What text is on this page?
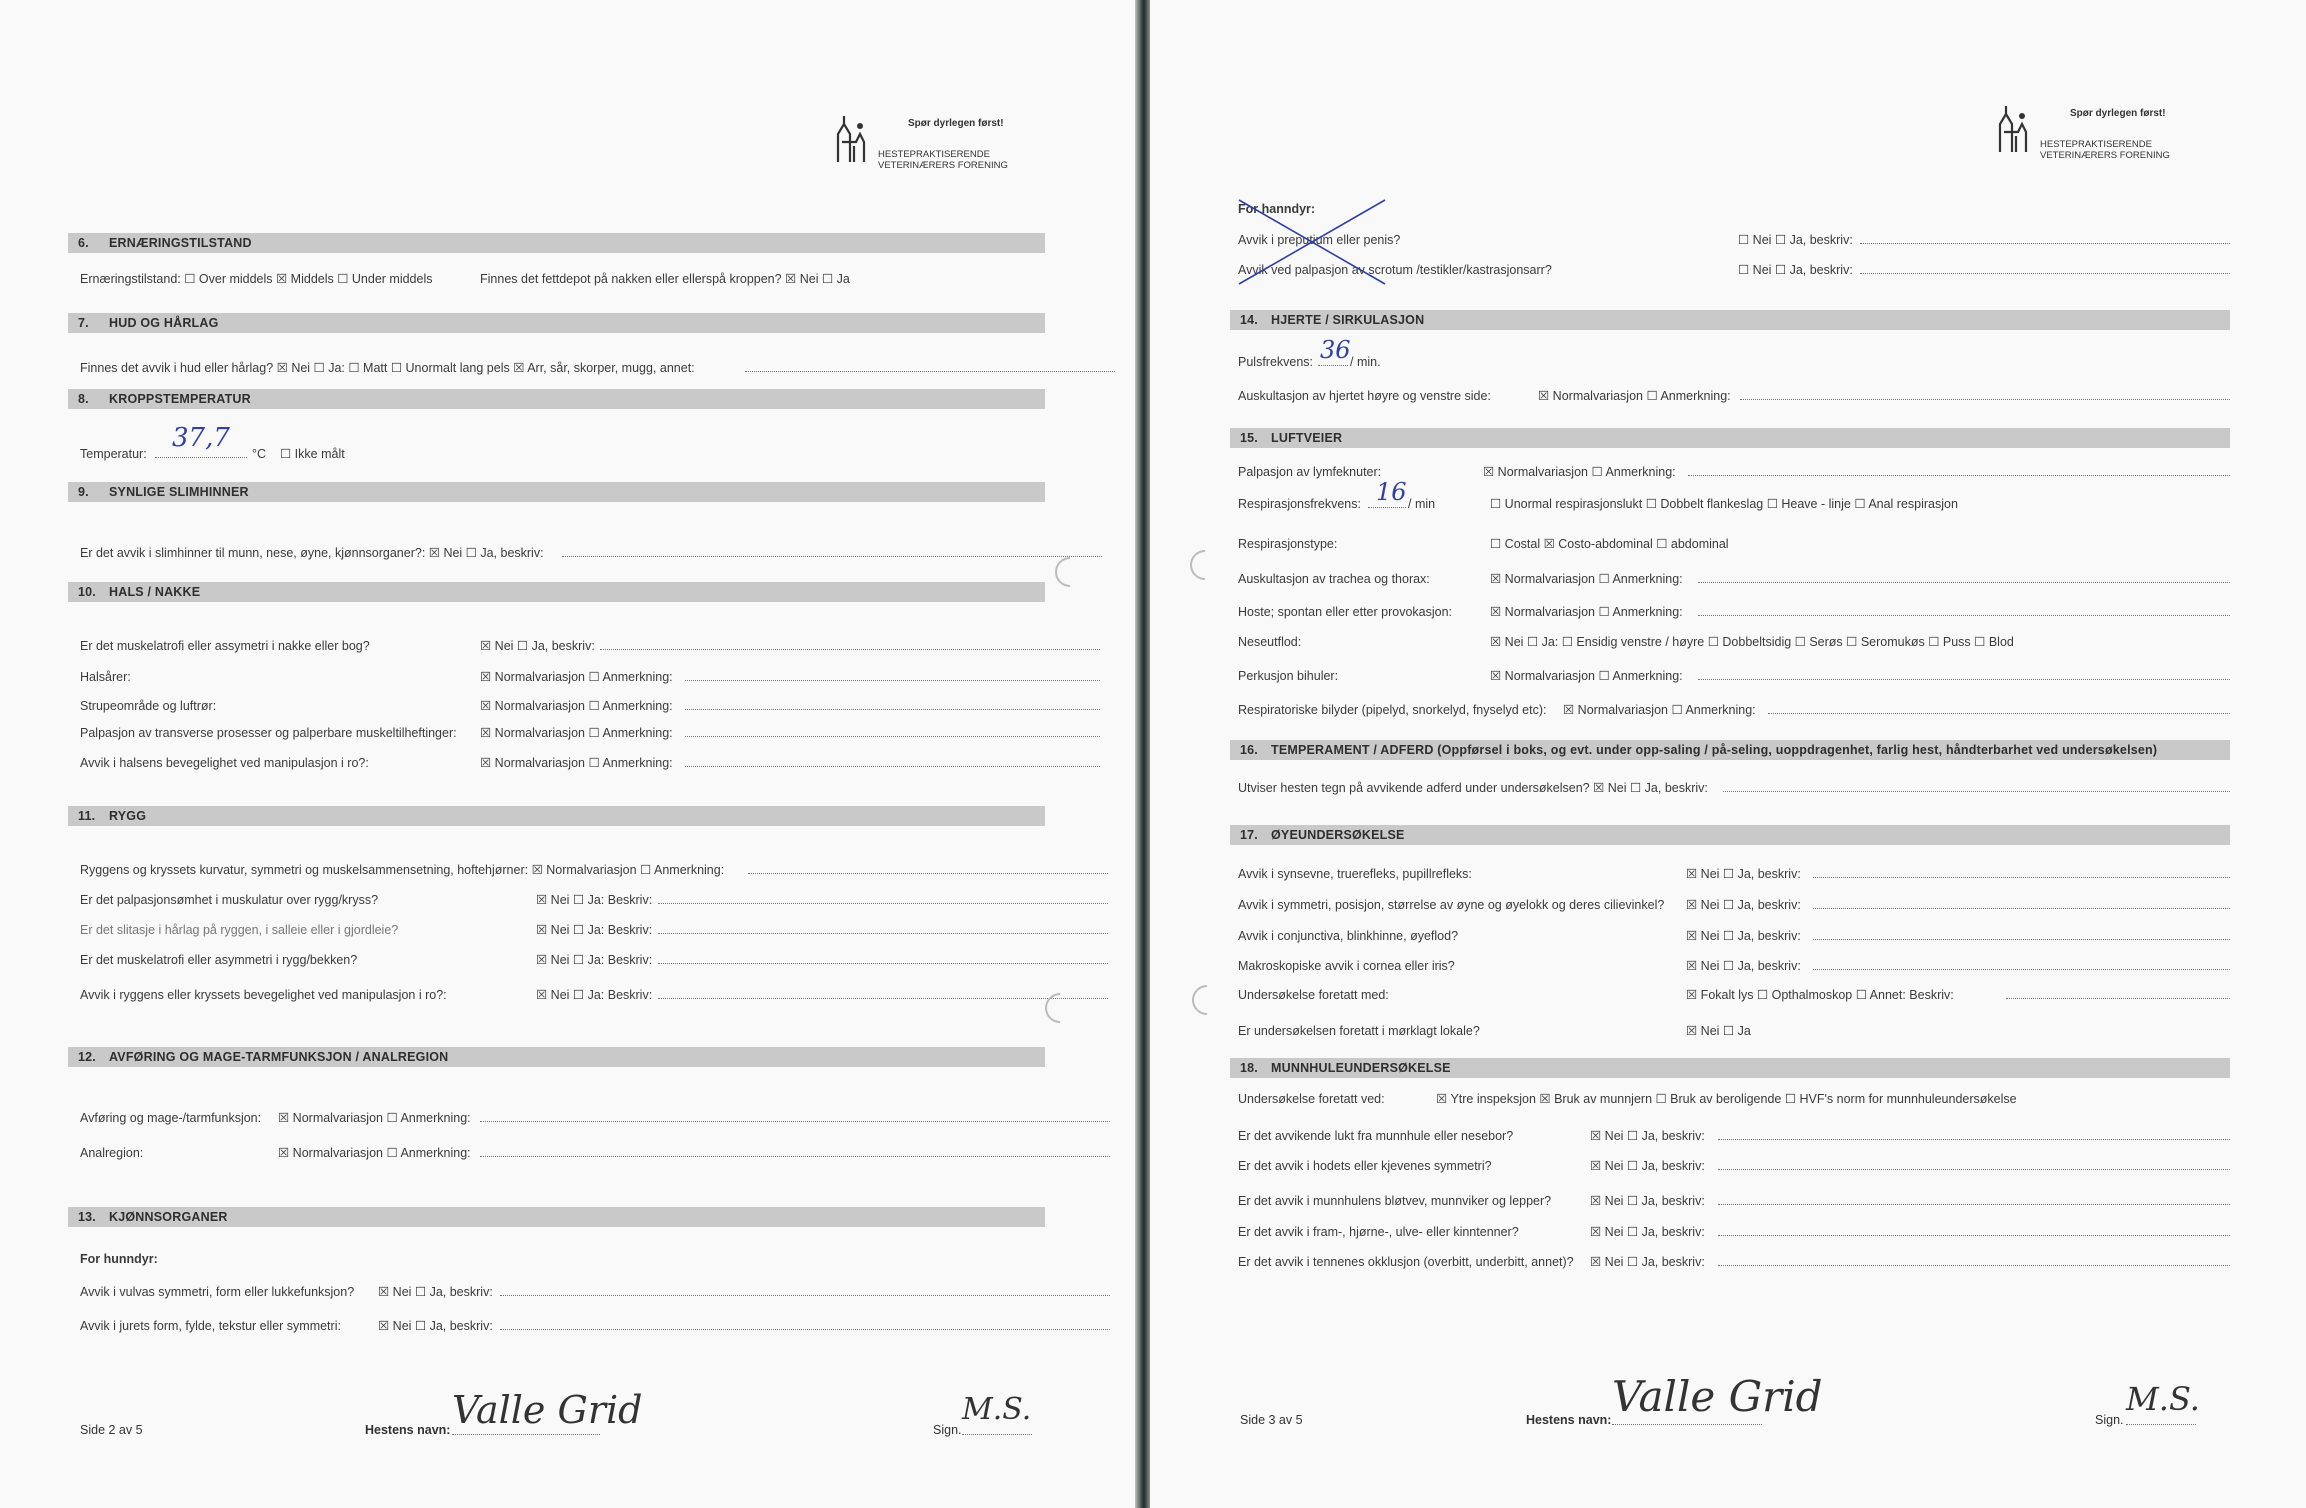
Spør dyrlegen først!
HESTEPRAKTISERENDE
VETERINÆRERS FORENING
6. ERNÆRINGSTILSTAND
Ernæringstilstand: ☐ Over middels ☒ Middels ☐ Under middels	Finnes det fettdepot på nakken eller ellerspå kroppen? ☒ Nei ☐ Ja
7. HUD OG HÅRLAG
Finnes det avvik i hud eller hårlag? ☒ Nei ☐ Ja: ☐ Matt ☐ Unormalt lang pels ☒ Arr, sår, skorper, mugg, annet:
8. KROPPSTEMPERATUR
Temperatur:
37,7
°C ☐ Ikke målt
9. SYNLIGE SLIMHINNER
Er det avvik i slimhinner til munn, nese, øyne, kjønnsorganer?: ☒ Nei ☐ Ja, beskriv:
10. HALS / NAKKE
Er det muskelatrofi eller assymetri i nakke eller bog?	☒ Nei ☐ Ja, beskriv:
Halsårer:	☒ Normalvariasjon ☐ Anmerkning:
Strupeområde og luftrør:	☒ Normalvariasjon ☐ Anmerkning:
Palpasjon av transverse prosesser og palperbare muskeltilheftinger: ☒ Normalvariasjon ☐ Anmerkning:
Avvik i halsens bevegelighet ved manipulasjon i ro?:	☒ Normalvariasjon ☐ Anmerkning:
11. RYGG
Ryggens og kryssets kurvatur, symmetri og muskelsammensetning, hoftehjørner: ☒ Normalvariasjon ☐ Anmerkning:
Er det palpasjonsømhet i muskulatur over rygg/kryss?	☒ Nei ☐ Ja: Beskriv:
Er det slitasje i hårlag på ryggen, i salleie eller i gjordleie?	☒ Nei ☐ Ja: Beskriv:
Er det muskelatrofi eller asymmetri i rygg/bekken?	☒ Nei ☐ Ja: Beskriv:
Avvik i ryggens eller kryssets bevegelighet ved manipulasjon i ro?:	☒ Nei ☐ Ja: Beskriv:
12. AVFØRING OG MAGE-TARMFUNKSJON / ANALREGION
Avføring og mage-/tarmfunksjon: ☒ Normalvariasjon ☐ Anmerkning:
Analregion:	☒ Normalvariasjon ☐ Anmerkning:
13. KJØNNSORGANER
For hunndyr:
Avvik i vulvas symmetri, form eller lukkefunksjon? ☒ Nei ☐ Ja, beskriv:
Avvik i jurets form, fylde, tekstur eller symmetri:	☒ Nei ☐ Ja, beskriv:
Side 2 av 5	Hestens navn: Valle Grid	Sign.
M.S.
Spør dyrlegen først!
HESTEPRAKTISERENDE
VETERINÆRERS FORENING
For hanndyr:
Avvik i preputium eller penis?	☐ Nei ☐ Ja, beskriv:
Avvik ved palpasjon av scrotum /testikler/kastrasjonsarr?	☐ Nei ☐ Ja, beskriv:
14. HJERTE / SIRKULASJON
Pulsfrekvens: 36 / min.
Auskultasjon av hjertet høyre og venstre side:	☒ Normalvariasjon ☐ Anmerkning:
15. LUFTVEIER
Palpasjon av lymfeknuter:	☒ Normalvariasjon ☐ Anmerkning:
Respirasjonsfrekvens: 16 / min	☐ Unormal respirasjonslukt ☐ Dobbelt flankeslag ☐ Heave - linje ☐ Anal respirasjon
Respirasjonstype:	☐ Costal ☒ Costo-abdominal ☐ abdominal
Auskultasjon av trachea og thorax:	☒ Normalvariasjon ☐ Anmerkning:
Hoste; spontan eller etter provokasjon:	☒ Normalvariasjon ☐ Anmerkning:
Neseutflod:	☒ Nei ☐ Ja: ☐ Ensidig venstre / høyre ☐ Dobbeltsidig ☐ Serøs ☐ Seromukøs ☐ Puss ☐ Blod
Perkusjon bihuler:	☒ Normalvariasjon ☐ Anmerkning:
Respiratoriske bilyder (pipelyd, snorkelyd, fnyselyd etc): ☒ Normalvariasjon ☐ Anmerkning:
16. TEMPERAMENT / ADFERD (Oppførsel i boks, og evt. under opp-saling / på-seling, uoppdragenhet, farlig hest, håndterbarhet ved undersøkelsen)
Utviser hesten tegn på avvikende adferd under undersøkelsen? ☒ Nei ☐ Ja, beskriv:
17. ØYEUNDERSØKELSE
Avvik i synsevne, truerefleks, pupillrefleks:	☒ Nei ☐ Ja, beskriv:
Avvik i symmetri, posisjon, størrelse av øyne og øyelokk og deres cilievinkel? ☒ Nei ☐ Ja, beskriv:
Avvik i conjunctiva, blinkhinne, øyeflod?	☒ Nei ☐ Ja, beskriv:
Makroskopiske avvik i cornea eller iris?	☒ Nei ☐ Ja, beskriv:
Undersøkelse foretatt med:	☒ Fokalt lys ☐ Opthalmoskop ☐ Annet: Beskriv:
Er undersøkelsen foretatt i mørklagt lokale?	☒ Nei ☐ Ja
18. MUNNHULEUNDERSØKELSE
Undersøkelse foretatt ved:	☒ Ytre inspeksjon ☒ Bruk av munnjern ☐ Bruk av beroligende ☐ HVF's norm for munnhuleundersøkelse
Er det avvikende lukt fra munnhule eller nesebor?	☒ Nei ☐ Ja, beskriv:
Er det avvik i hodets eller kjevenes symmetri?	☒ Nei ☐ Ja, beskriv:
Er det avvik i munnhulens bløtvev, munnviker og lepper?	☒ Nei ☐ Ja, beskriv:
Er det avvik i fram-, hjørne-, ulve- eller kinntenner?	☒ Nei ☐ Ja, beskriv:
Er det avvik i tennenes okklusjon (overbitt, underbitt, annet)? ☒ Nei ☐ Ja, beskriv:
Side 3 av 5	Hestens navn: Valle Grid	Sign.
M.S.
